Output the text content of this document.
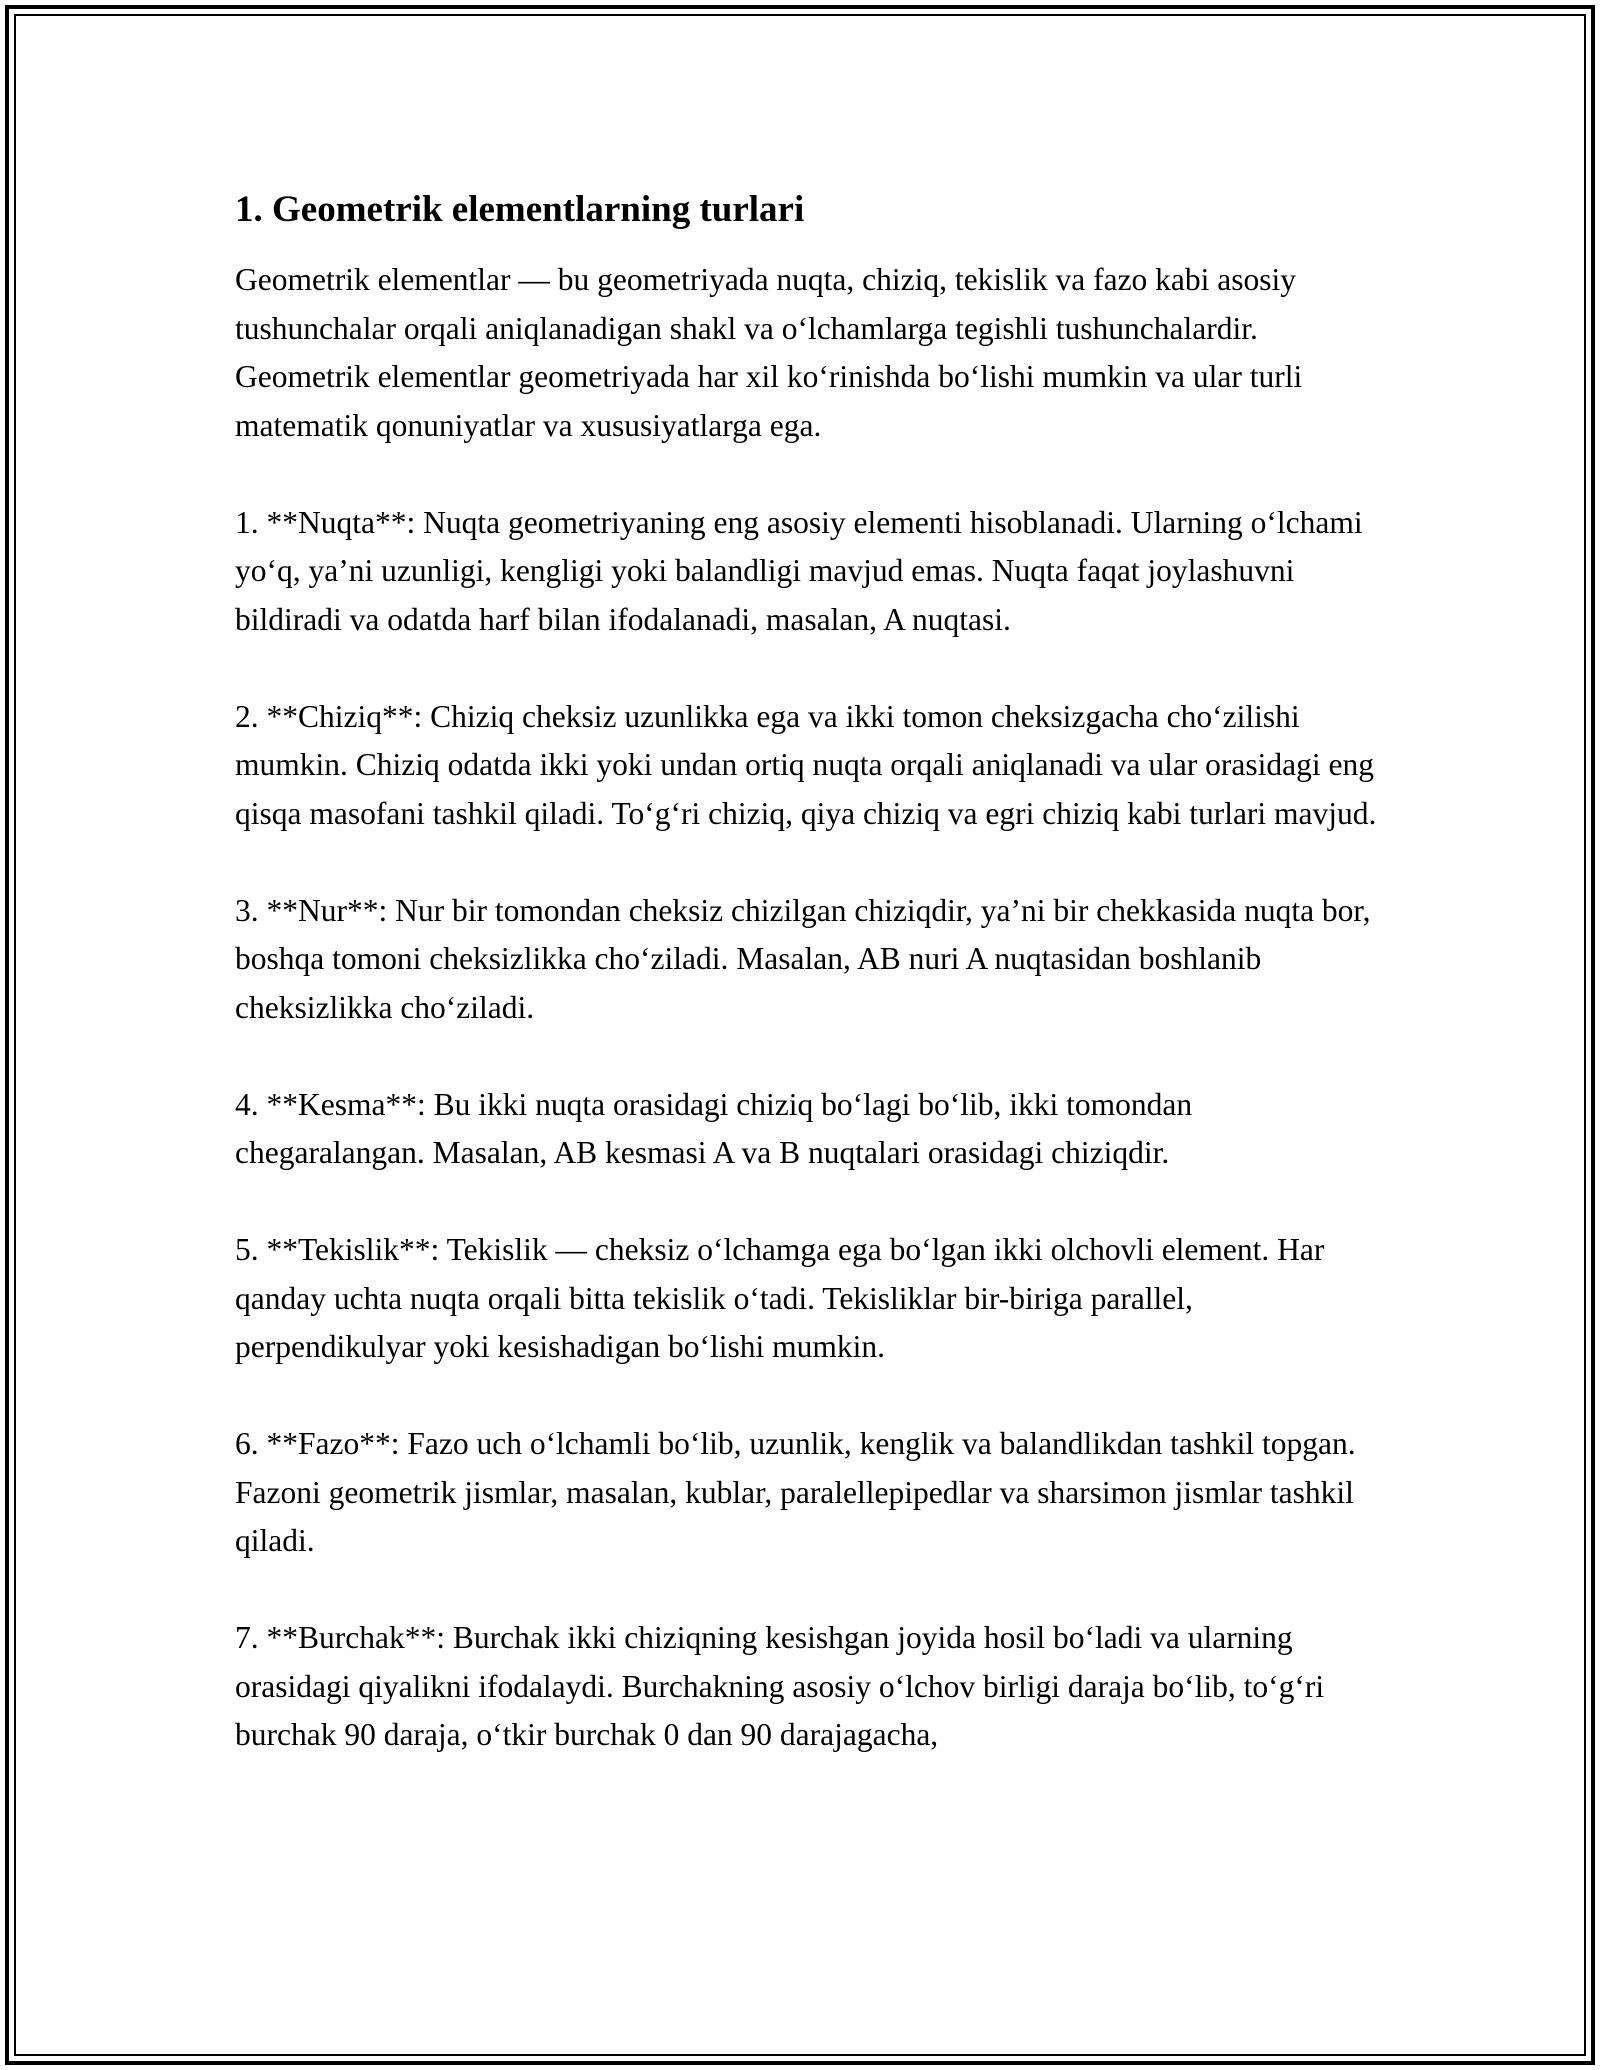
1. Geometrik elementlarning turlari
Geometrik elementlar — bu geometriyada nuqta, chiziq, tekislik va fazo kabi asosiy tushunchalar orqali aniqlanadigan shakl va oʻlchamlarga tegishli tushunchalardir. Geometrik elementlar geometriyada har xil koʻrinishda boʻlishi mumkin va ular turli matematik qonuniyatlar va xususiyatlarga ega.
1. **Nuqta**: Nuqta geometriyaning eng asosiy elementi hisoblanadi. Ularning oʻlchami yoʻq, ya’ni uzunligi, kengligi yoki balandligi mavjud emas. Nuqta faqat joylashuvni bildiradi va odatda harf bilan ifodalanadi, masalan, A nuqtasi.
2. **Chiziq**: Chiziq cheksiz uzunlikka ega va ikki tomon cheksizgacha choʻzilishi mumkin. Chiziq odatda ikki yoki undan ortiq nuqta orqali aniqlanadi va ular orasidagi eng qisqa masofani tashkil qiladi. Toʻgʻri chiziq, qiya chiziq va egri chiziq kabi turlari mavjud.
3. **Nur**: Nur bir tomondan cheksiz chizilgan chiziqdir, ya’ni bir chekkasida nuqta bor, boshqa tomoni cheksizlikka choʻziladi. Masalan, AB nuri A nuqtasidan boshlanib cheksizlikka choʻziladi.
4. **Kesma**: Bu ikki nuqta orasidagi chiziq boʻlagi boʻlib, ikki tomondan chegaralangan. Masalan, AB kesmasi A va B nuqtalari orasidagi chiziqdir.
5. **Tekislik**: Tekislik — cheksiz oʻlchamga ega boʻlgan ikki olchovli element. Har qanday uchta nuqta orqali bitta tekislik oʻtadi. Tekisliklar bir-biriga parallel, perpendikulyar yoki kesishadigan boʻlishi mumkin.
6. **Fazo**: Fazo uch oʻlchamli boʻlib, uzunlik, kenglik va balandlikdan tashkil topgan. Fazoni geometrik jismlar, masalan, kublar, paralellepipedlar va sharsimon jismlar tashkil qiladi.
7. **Burchak**: Burchak ikki chiziqning kesishgan joyida hosil boʻladi va ularning orasidagi qiyalikni ifodalaydi. Burchakning asosiy oʻlchov birligi daraja boʻlib, toʻgʻri burchak 90 daraja, oʻtkir burchak 0 dan 90 darajagacha,
